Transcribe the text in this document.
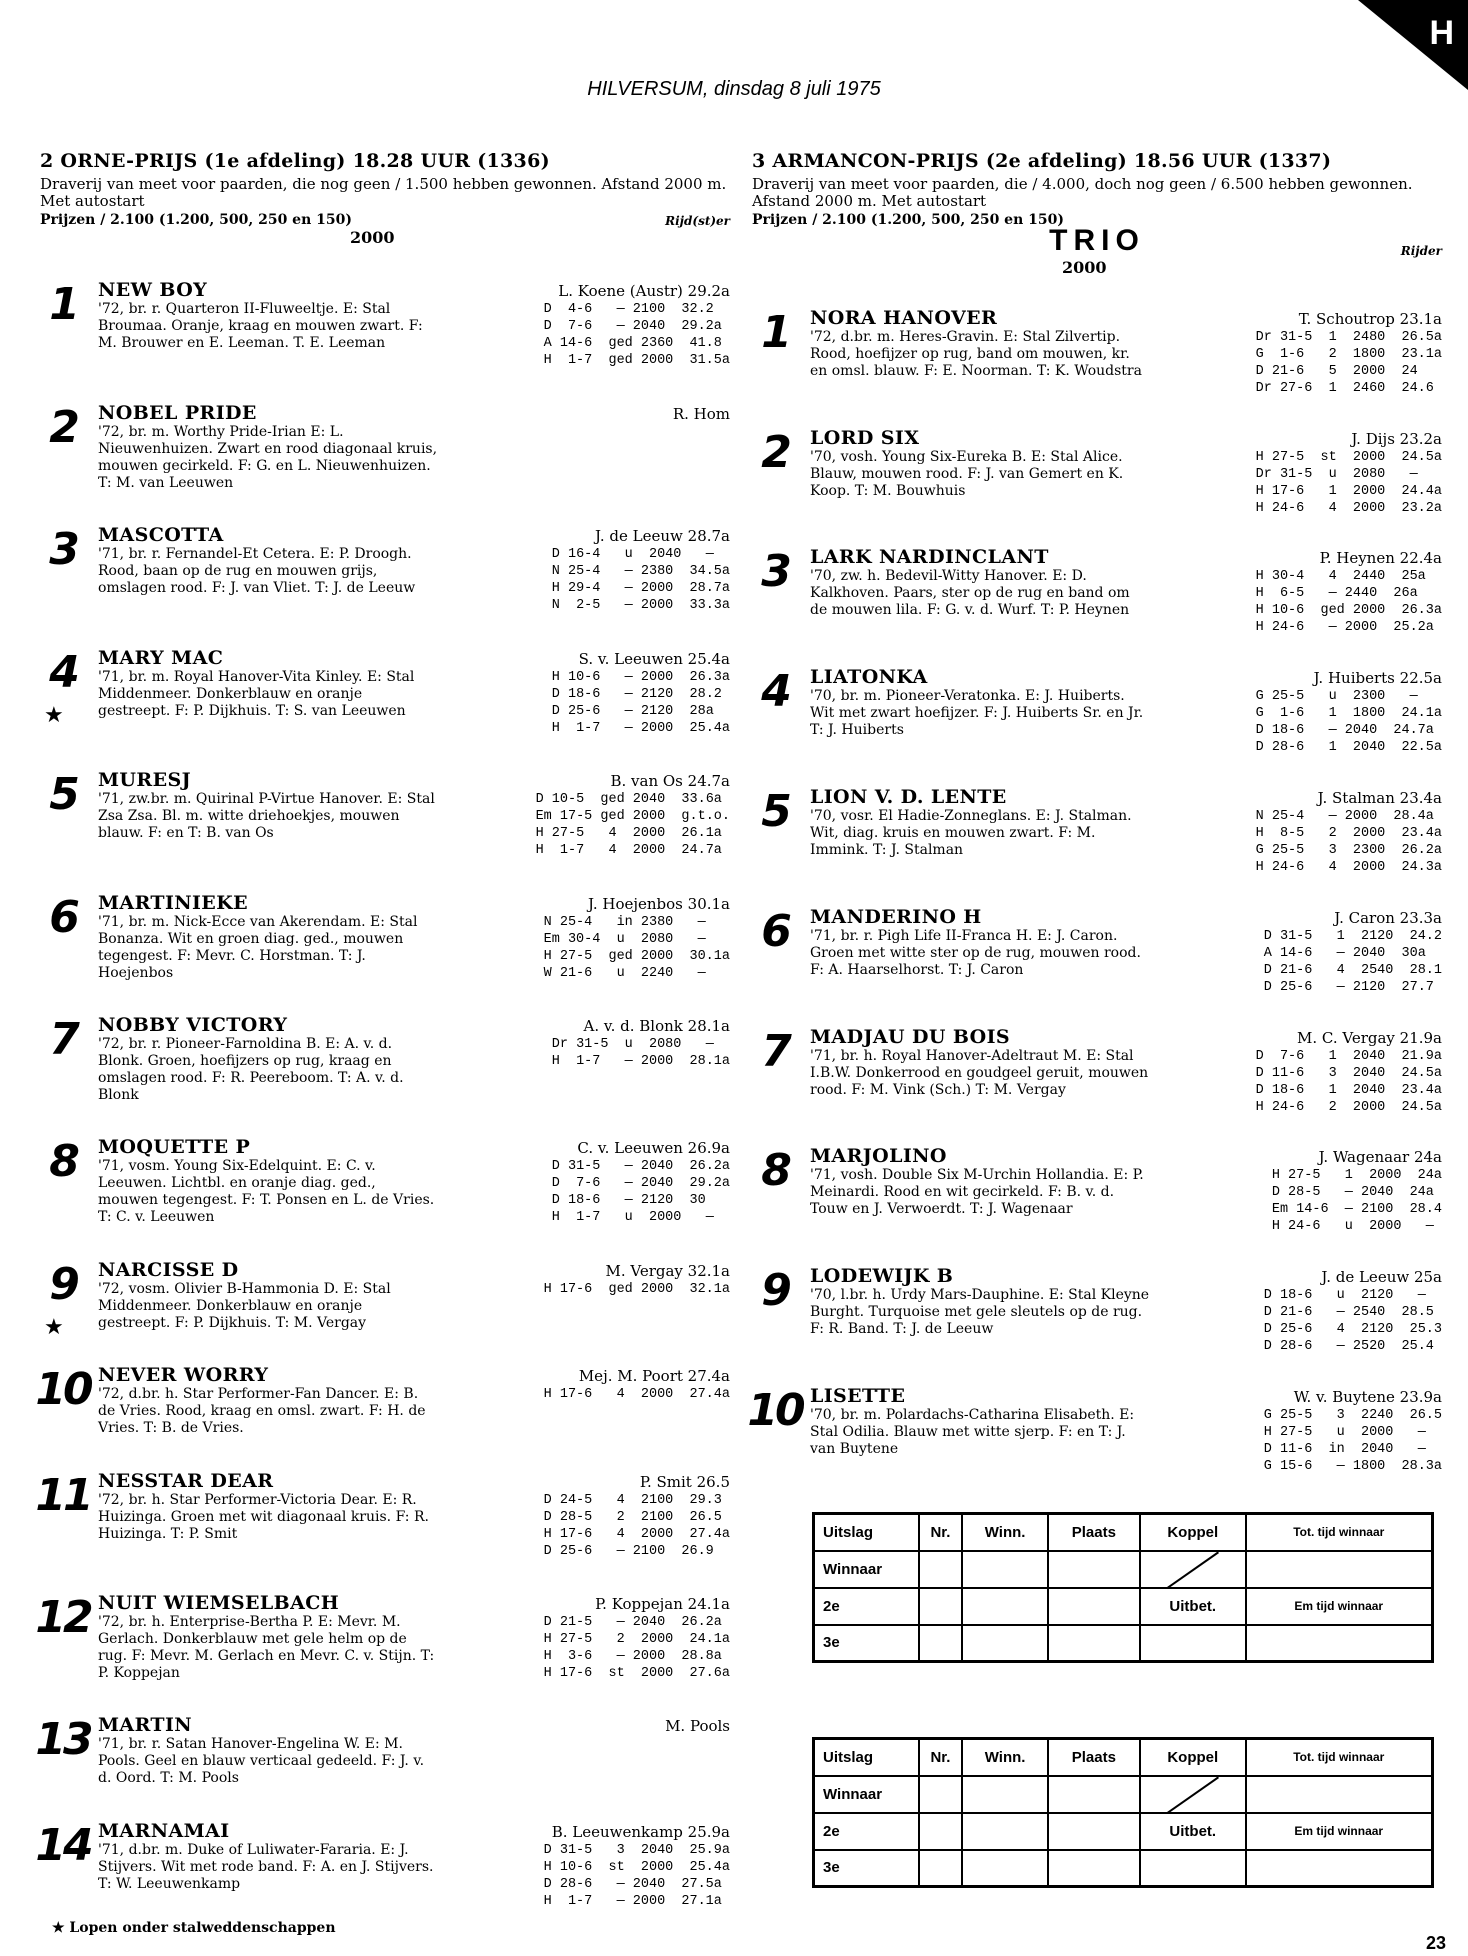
H
HILVERSUM, dinsdag 8 juli 1975
2 ORNE-PRIJS (1e afdeling) 18.28 UUR (1336)
Draverij van meet voor paarden, die nog geen / 1.500 hebben gewonnen. Afstand 2000 m. Met autostart
Prijzen / 2.100 (1.200, 500, 250 en 150)	Rijd(st)er
2000
1	NEW BOY	L. Koene (Austr) 29.2a
'72, br. r. Quarteron II-Fluweeltje. E: Stal Broumaa. Oranje, kraag en mouwen zwart. F: M. Brouwer en E. Leeman. T. E. Leeman
D  4-6   — 2100  32.2
D  7-6   — 2040  29.2a
A 14-6  ged 2360  41.8
H  1-7  ged 2000  31.5a
2	NOBEL PRIDE	R. Hom
'72, br. m. Worthy Pride-Irian E: L. Nieuwenhuizen. Zwart en rood diagonaal kruis, mouwen gecirkeld. F: G. en L. Nieuwenhuizen. T: M. van Leeuwen
3	MASCOTTA	J. de Leeuw 28.7a
'71, br. r. Fernandel-Et Cetera. E: P. Droogh. Rood, baan op de rug en mouwen grijs, omslagen rood. F: J. van Vliet. T: J. de Leeuw
D 16-4   u  2040   —
N 25-4   — 2380  34.5a
H 29-4   — 2000  28.7a
N  2-5   — 2000  33.3a
4
★
MARY MAC	S. v. Leeuwen 25.4a
'71, br. m. Royal Hanover-Vita Kinley. E: Stal Middenmeer. Donkerblauw en oranje gestreept. F: P. Dijkhuis. T: S. van Leeuwen
H 10-6   — 2000  26.3a
D 18-6   — 2120  28.2
D 25-6   — 2120  28a
H  1-7   — 2000  25.4a
5	MURESJ	B. van Os 24.7a
'71, zw.br. m. Quirinal P-Virtue Hanover. E: Stal Zsa Zsa. Bl. m. witte driehoekjes, mouwen blauw. F: en T: B. van Os
D 10-5  ged 2040  33.6a
Em 17-5 ged 2000  g.t.o.
H 27-5   4  2000  26.1a
H  1-7   4  2000  24.7a
6	MARTINIEKE	J. Hoejenbos 30.1a
'71, br. m. Nick-Ecce van Akerendam. E: Stal Bonanza. Wit en groen diag. ged., mouwen tegengest. F: Mevr. C. Horstman. T: J. Hoejenbos
N 25-4   in 2380   —
Em 30-4  u  2080   —
H 27-5  ged 2000  30.1a
W 21-6   u  2240   —
7	NOBBY VICTORY	A. v. d. Blonk 28.1a
'72, br. r. Pioneer-Farnoldina B. E: A. v. d. Blonk. Groen, hoefijzers op rug, kraag en omslagen rood. F: R. Peereboom. T: A. v. d. Blonk
Dr 31-5  u  2080   —
H  1-7   — 2000  28.1a
8	MOQUETTE P	C. v. Leeuwen 26.9a
'71, vosm. Young Six-Edelquint. E: C. v. Leeuwen. Lichtbl. en oranje diag. ged., mouwen tegengest. F: T. Ponsen en L. de Vries. T: C. v. Leeuwen
D 31-5   — 2040  26.2a
D  7-6   — 2040  29.2a
D 18-6   — 2120  30
H  1-7   u  2000   —
9
★
NARCISSE D	M. Vergay 32.1a
'72, vosm. Olivier B-Hammonia D. E: Stal Middenmeer. Donkerblauw en oranje gestreept. F: P. Dijkhuis. T: M. Vergay
H 17-6  ged 2000  32.1a
10 NEVER WORRY	Mej. M. Poort 27.4a
'72, d.br. h. Star Performer-Fan Dancer. E: B. de Vries. Rood, kraag en omsl. zwart. F: H. de Vries. T: B. de Vries.
H 17-6   4  2000  27.4a
11 NESSTAR DEAR	P. Smit 26.5
'72, br. h. Star Performer-Victoria Dear. E: R. Huizinga. Groen met wit diagonaal kruis. F: R. Huizinga. T: P. Smit
D 24-5   4  2100  29.3
D 28-5   2  2100  26.5
H 17-6   4  2000  27.4a
D 25-6   — 2100  26.9
12 NUIT WIEMSELBACH	P. Koppejan 24.1a
'72, br. h. Enterprise-Bertha P. E: Mevr. M. Gerlach. Donkerblauw met gele helm op de rug. F: Mevr. M. Gerlach en Mevr. C. v. Stijn. T: P. Koppejan
D 21-5   — 2040  26.2a
H 27-5   2  2000  24.1a
H  3-6   — 2000  28.8a
H 17-6  st  2000  27.6a
13 MARTIN	M. Pools
'71, br. r. Satan Hanover-Engelina W. E: M. Pools. Geel en blauw verticaal gedeeld. F: J. v. d. Oord. T: M. Pools
14 MARNAMAI	B. Leeuwenkamp 25.9a
'71, d.br. m. Duke of Luliwater-Fararia. E: J. Stijvers. Wit met rode band. F: A. en J. Stijvers. T: W. Leeuwenkamp
D 31-5   3  2040  25.9a
H 10-6  st  2000  25.4a
D 28-6   — 2040  27.5a
H  1-7   — 2000  27.1a
3 ARMANCON-PRIJS (2e afdeling) 18.56 UUR (1337)
Draverij van meet voor paarden, die / 4.000, doch nog geen / 6.500 hebben gewonnen. Afstand 2000 m. Met autostart
Prijzen / 2.100 (1.200, 500, 250 en 150)
TRIO	Rijder
2000
1	NORA HANOVER	T. Schoutrop 23.1a
'72, d.br. m. Heres-Gravin. E: Stal Zilvertip. Rood, hoefijzer op rug, band om mouwen, kr. en omsl. blauw. F: E. Noorman. T: K. Woudstra
Dr 31-5  1  2480  26.5a
G  1-6   2  1800  23.1a
D 21-6   5  2000  24
Dr 27-6  1  2460  24.6
2	LORD SIX	J. Dijs 23.2a
'70, vosh. Young Six-Eureka B. E: Stal Alice. Blauw, mouwen rood. F: J. van Gemert en K. Koop. T: M. Bouwhuis
H 27-5  st  2000  24.5a
Dr 31-5  u  2080   —
H 17-6   1  2000  24.4a
H 24-6   4  2000  23.2a
3	LARK NARDINCLANT	P. Heynen 22.4a
'70, zw. h. Bedevil-Witty Hanover. E: D. Kalkhoven. Paars, ster op de rug en band om de mouwen lila. F: G. v. d. Wurf. T: P. Heynen
H 30-4   4  2440  25a
H  6-5   — 2440  26a
H 10-6  ged 2000  26.3a
H 24-6   — 2000  25.2a
4	LIATONKA	J. Huiberts 22.5a
'70, br. m. Pioneer-Veratonka. E: J. Huiberts. Wit met zwart hoefijzer. F: J. Huiberts Sr. en Jr. T: J. Huiberts
G 25-5   u  2300   —
G  1-6   1  1800  24.1a
D 18-6   — 2040  24.7a
D 28-6   1  2040  22.5a
5	LION V. D. LENTE	J. Stalman 23.4a
'70, vosr. El Hadie-Zonneglans. E: J. Stalman. Wit, diag. kruis en mouwen zwart. F: M. Immink. T: J. Stalman
N 25-4   — 2000  28.4a
H  8-5   2  2000  23.4a
G 25-5   3  2300  26.2a
H 24-6   4  2000  24.3a
6	MANDERINO H	J. Caron 23.3a
'71, br. r. Pigh Life II-Franca H. E: J. Caron. Groen met witte ster op de rug, mouwen rood. F: A. Haarselhorst. T: J. Caron
D 31-5   1  2120  24.2
A 14-6   — 2040  30a
D 21-6   4  2540  28.1
D 25-6   — 2120  27.7
7	MADJAU DU BOIS	M. C. Vergay 21.9a
'71, br. h. Royal Hanover-Adeltraut M. E: Stal I.B.W. Donkerrood en goudgeel geruit, mouwen rood. F: M. Vink (Sch.) T: M. Vergay
D  7-6   1  2040  21.9a
D 11-6   3  2040  24.5a
D 18-6   1  2040  23.4a
H 24-6   2  2000  24.5a
8	MARJOLINO	J. Wagenaar 24a
'71, vosh. Double Six M-Urchin Hollandia. E: P. Meinardi. Rood en wit gecirkeld. F: B. v. d. Touw en J. Verwoerdt. T: J. Wagenaar
H 27-5   1  2000  24a
D 28-5   — 2040  24a
Em 14-6  — 2100  28.4
H 24-6   u  2000   —
9	LODEWIJK B	J. de Leeuw 25a
'70, l.br. h. Urdy Mars-Dauphine. E: Stal Kleyne Burght. Turquoise met gele sleutels op de rug. F: R. Band. T: J. de Leeuw
D 18-6   u  2120   —
D 21-6   — 2540  28.5
D 25-6   4  2120  25.3
D 28-6   — 2520  25.4
10 LISETTE	W. v. Buytene 23.9a
'70, br. m. Polardachs-Catharina Elisabeth. E: Stal Odilia. Blauw met witte sjerp. F: en T: J. van Buytene
G 25-5   3  2240  26.5
H 27-5   u  2000   —
D 11-6  in  2040   —
G 15-6   — 1800  28.3a
Uitslag	Nr.	Winn.	Plaats	Koppel	Tot. tijd winnaar
Winnaar					
2e				Uitbet.	Em tijd winnaar
3e					
Uitslag	Nr.	Winn.	Plaats	Koppel	Tot. tijd winnaar
Winnaar					
2e				Uitbet.	Em tijd winnaar
3e					
★ Lopen onder stalweddenschappen
23
